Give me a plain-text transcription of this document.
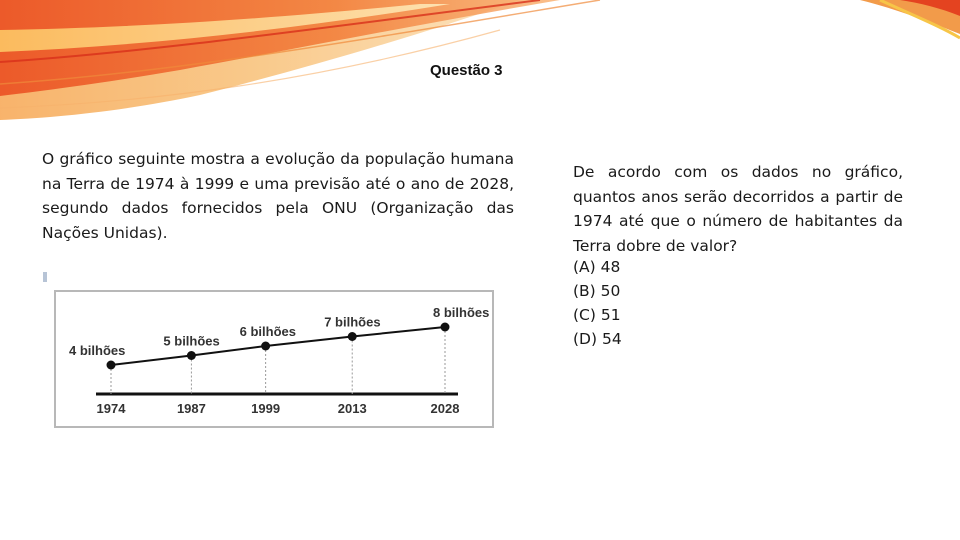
Questão 3

O gráfico seguinte mostra a evolução da população humana na Terra de 1974 à 1999 e uma previsão até o ano de 2028, segundo dados fornecidos pela ONU (Organização das Nações Unidas).

4 bilhões
5 bilhões
6 bilhões
7 bilhões
8 bilhões
1974	1987	1999	2013	2028

De acordo com os dados no gráfico, quantos anos serão decorridos a partir de 1974 até que o número de habitantes da Terra dobre de valor?

(A) 48
(B) 50
(C) 51
(D) 54
